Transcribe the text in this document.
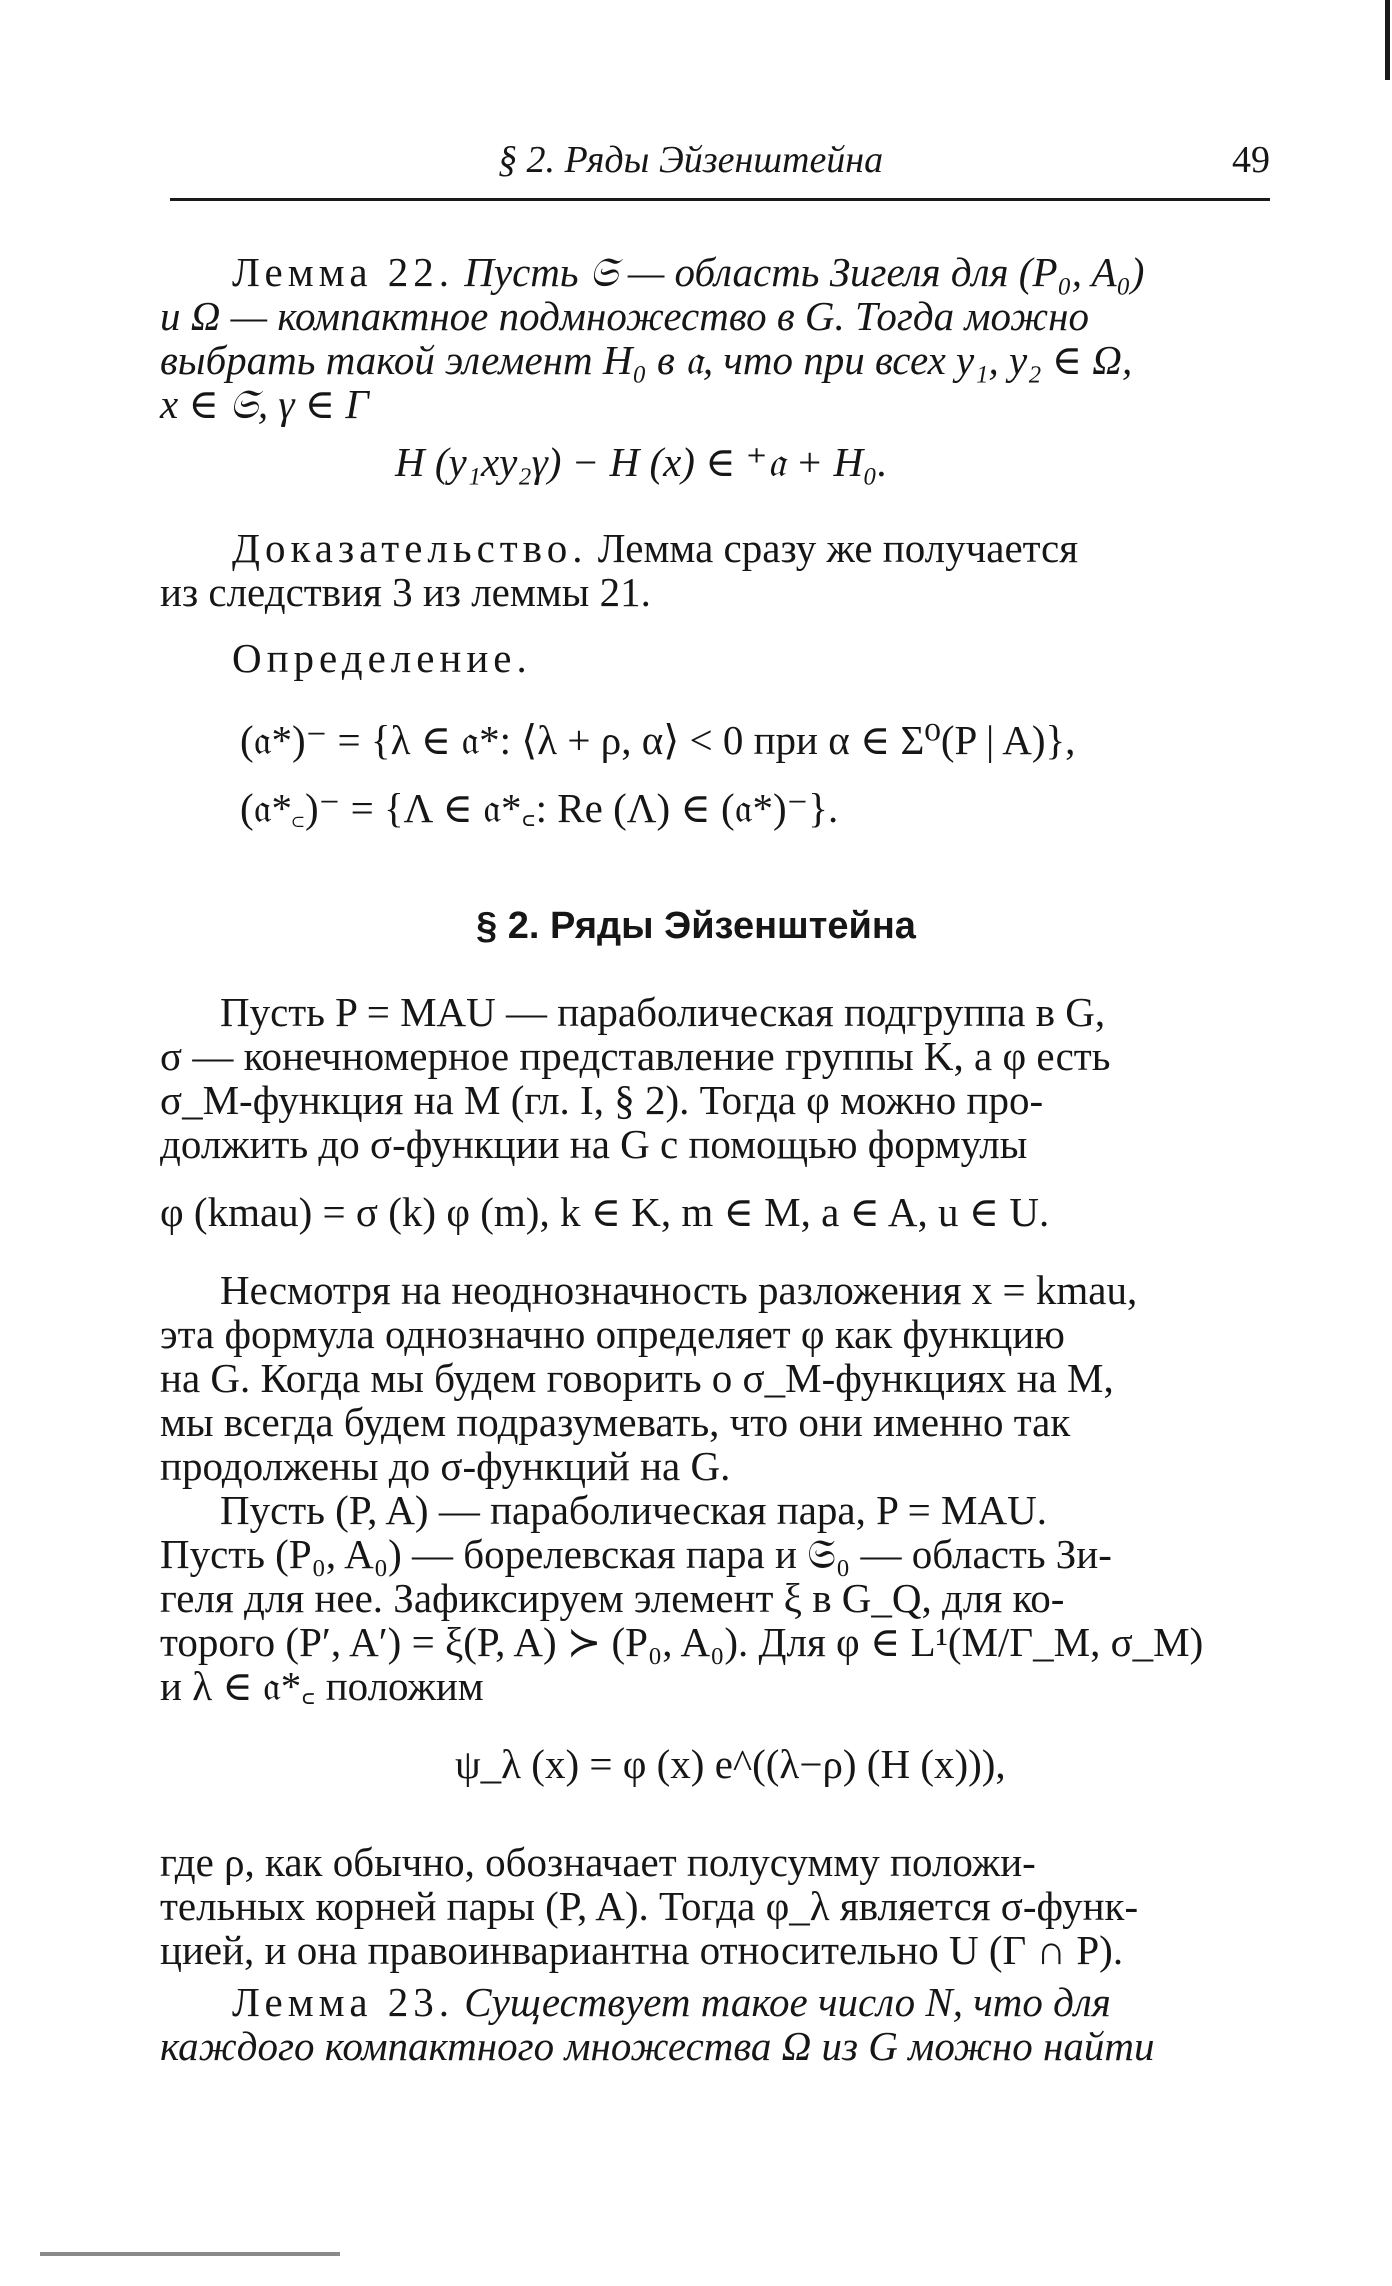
§ 2. Ряды Эйзенштейна	49
Лемма 22. Пусть 𝔖 — область Зигеля для (P₀, A₀)
и Ω — компактное подмножество в G. Тогда можно
выбрать такой элемент H₀ в 𝔞, что при всех y₁, y₂ ∈ Ω,
x ∈ 𝔖, γ ∈ Γ
H (y₁xy₂γ) − H (x) ∈ ⁺𝔞 + H₀.
Доказательство. Лемма сразу же получается
из следствия 3 из леммы 21.
Определение.
(𝔞*)⁻ = {λ ∈ 𝔞*: ⟨λ + ρ, α⟩ < 0 при α ∈ Σ⁰(P | A)},
(𝔞*꜀)⁻ = {Λ ∈ 𝔞*꜀: Re (Λ) ∈ (𝔞*)⁻}.
§ 2. Ряды Эйзенштейна
Пусть P = MAU — параболическая подгруппа в G,
σ — конечномерное представление группы K, а φ есть
σ_M-функция на M (гл. I, § 2). Тогда φ можно про-
должить до σ-функции на G с помощью формулы
φ (kmau) = σ (k) φ (m), k ∈ K, m ∈ M, a ∈ A, u ∈ U.
Несмотря на неоднозначность разложения x = kmau,
эта формула однозначно определяет φ как функцию
на G. Когда мы будем говорить о σ_M-функциях на M,
мы всегда будем подразумевать, что они именно так
продолжены до σ-функций на G.
Пусть (P, A) — параболическая пара, P = MAU.
Пусть (P₀, A₀) — борелевская пара и 𝔖₀ — область Зи-
геля для нее. Зафиксируем элемент ξ в G_Q, для ко-
торого (P′, A′) = ξ(P, A) ≻ (P₀, A₀). Для φ ∈ L¹(M/Γ_M, σ_M)
и λ ∈ 𝔞*꜀ положим
ψ_λ (x) = φ (x) e^((λ−ρ) (H (x))),
где ρ, как обычно, обозначает полусумму положи-
тельных корней пары (P, A). Тогда φ_λ является σ-функ-
цией, и она правоинвариантна относительно U (Γ ∩ P).
Лемма 23. Существует такое число N, что для
каждого компактного множества Ω из G можно найти
